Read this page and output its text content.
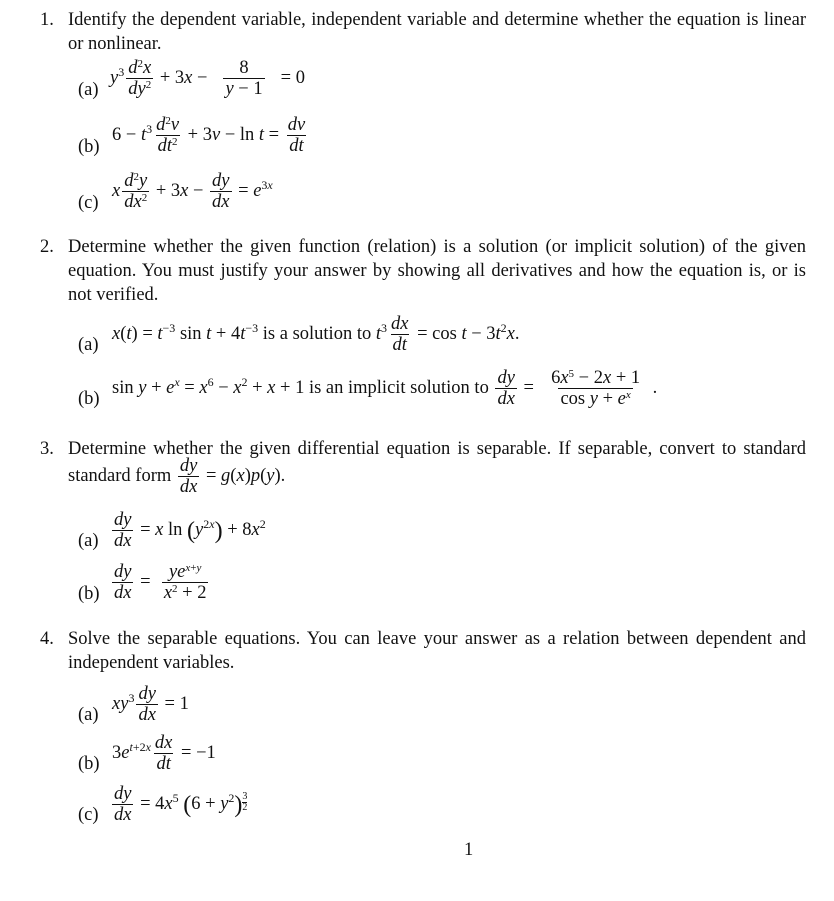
1. Identify the dependent variable, independent variable and determine whether the equation is linear or nonlinear.
(a)
$y^3 \frac{d^2x}{dy^2} + 3x - \frac{8}{y - 1} = 0$
(b)
$6 - t^3 \frac{d^2v}{dt^2} + 3v - \ln t = \frac{dv}{dt}$
(c)
x $\frac{d^2y}{dx^2} + 3x - \frac{dy}{dx} = e^{3x}$
2. Determine whether the given function (relation) is a solution (or implicit solution) of the given equation. You must justify your answer by showing all derivatives and how the equation is, or is not verified.
(a)
$x(t) = t^{-3}$ $\sin t + 4t^{-3}$ is a solution to $t^3 \frac{dx}{dt} = \cos t - 3t^2x$.
(b)
$\sin y + e^x = x^6 - x^2 + x + 1$ is an implicit solution to $\frac{dy}{dx} = \frac{6x^5 - 2x + 1}{\cos y + e^x}$ .
3. Determine whether the given differential equation is separable. If separable, convert to standard
standard form $\frac{dy}{dx} = g(x)p(y)$.
$(a) \frac{dy}{dx} = x$ $\ln (y^{2x}) + 8x^2$
$(b) \frac{dy}{dx} = \frac{ye^{x+y}}{x^2 + 2}$
4. Solve the separable equations. You can leave your answer as a relation between dependent and independent variables.
(a)
$xy^3 \frac{dy}{dx} = 1$
(b)
$3e^{t+2x} \frac{dx}{dt} = -1$
$(c) \frac{dy}{dx} = 4x^5$ $(6 + y^2)$ $^{\frac{3}{2}}$
1
